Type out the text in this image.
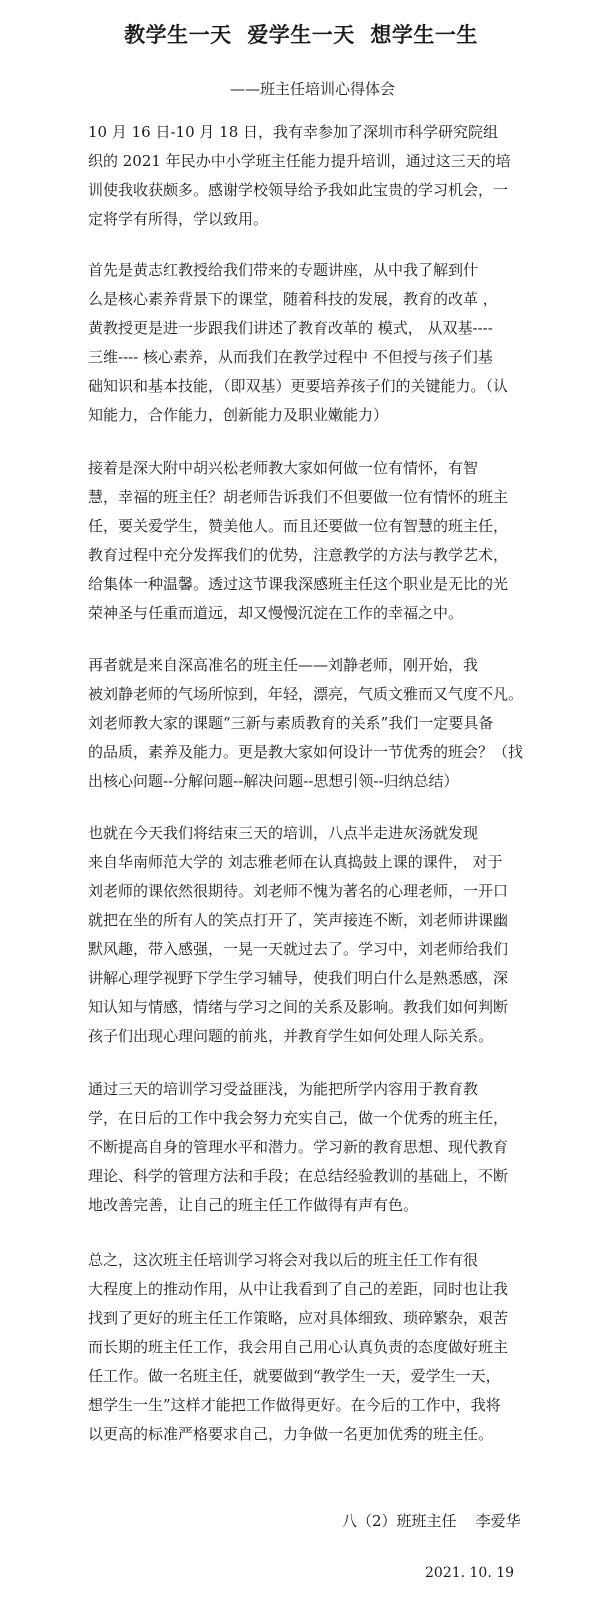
教学生一天  爱学生一天  想学生一生
——班主任培训心得体会
10 月 16 日-10 月 18 日，我有幸参加了深圳市科学研究院组
织的 2021 年民办中小学班主任能力提升培训，通过这三天的培
训使我收获颇多。感谢学校领导给予我如此宝贵的学习机会，一
定将学有所得，学以致用。
首先是黄志红教授给我们带来的专题讲座，从中我了解到什
么是核心素养背景下的课堂，随着科技的发展，教育的改革 ，
黄教授更是进一步跟我们讲述了教育改革的 模式， 从双基----
三维---- 核心素养，从而我们在教学过程中 不但授与孩子们基
础知识和基本技能，（即双基）更要培养孩子们的关键能力。（认
知能力，合作能力，创新能力及职业嫩能力）
接着是深大附中胡兴松老师教大家如何做一位有情怀，有智
慧，幸福的班主任？胡老师告诉我们不但要做一位有情怀的班主
任，要关爱学生，赞美他人。而且还要做一位有智慧的班主任，
教育过程中充分发挥我们的优势，注意教学的方法与教学艺术，
给集体一种温馨。透过这节课我深感班主任这个职业是无比的光
荣神圣与任重而道远，却又慢慢沉淀在工作的幸福之中。
再者就是来自深高准名的班主任——刘静老师，刚开始，我
被刘静老师的气场所惊到，年轻，漂亮，气质文雅而又气度不凡。
刘老师教大家的课题“三新与素质教育的关系”我们一定要具备
的品质，素养及能力。更是教大家如何设计一节优秀的班会？（找
出核心问题--分解问题--解决问题--思想引领--归纳总结）
也就在今天我们将结束三天的培训，八点半走进灰汤就发现
来自华南师范大学的 刘志雅老师在认真捣鼓上课的课件， 对于
刘老师的课依然很期待。刘老师不愧为著名的心理老师，一开口
就把在坐的所有人的笑点打开了，笑声接连不断，刘老师讲课幽
默风趣，带入感强，一晃一天就过去了。学习中，刘老师给我们
讲解心理学视野下学生学习辅导，使我们明白什么是熟悉感，深
知认知与情感，情绪与学习之间的关系及影响。教我们如何判断
孩子们出现心理问题的前兆，并教育学生如何处理人际关系。
通过三天的培训学习受益匪浅，为能把所学内容用于教育教
学，在日后的工作中我会努力充实自己，做一个优秀的班主任，
不断提高自身的管理水平和潜力。学习新的教育思想、现代教育
理论、科学的管理方法和手段；在总结经验教训的基础上，不断
地改善完善，让自己的班主任工作做得有声有色。
总之，这次班主任培训学习将会对我以后的班主任工作有很
大程度上的推动作用，从中让我看到了自己的差距，同时也让我
找到了更好的班主任工作策略，应对具体细致、琐碎繁杂，艰苦
而长期的班主任工作，我会用自己用心认真负责的态度做好班主
任工作。做一名班主任，就要做到“教学生一天，爱学生一天，
想学生一生”这样才能把工作做得更好。在今后的工作中，我将
以更高的标准严格要求自己，力争做一名更加优秀的班主任。
八（2）班班主任    李爱华
2021. 10. 19
